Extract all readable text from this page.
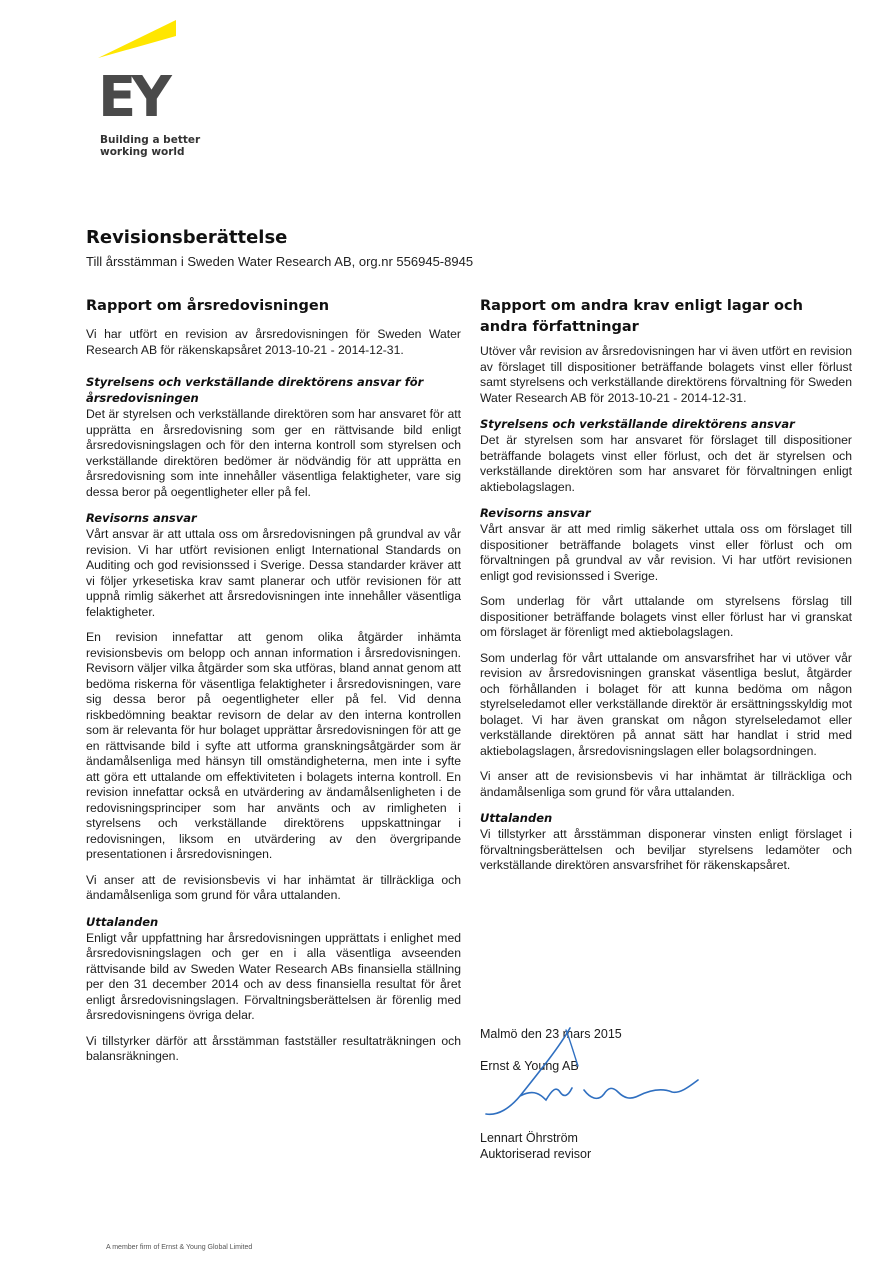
EY
Building a better
working world
Revisionsberättelse

Till årsstämman i Sweden Water Research AB, org.nr 556945-8945

Rapport om årsredovisningen

Vi har utfört en revision av årsredovisningen för Sweden Water Research AB för räkenskapsåret 2013-10-21 - 2014-12-31.

Styrelsens och verkställande direktörens ansvar för årsredovisningen

Det är styrelsen och verkställande direktören som har ansvaret för att upprätta en årsredovisning som ger en rättvisande bild enligt årsredovisningslagen och för den interna kontroll som styrelsen och verkställande direktören bedömer är nödvändig för att upprätta en årsredovisning som inte innehåller väsentliga felaktigheter, vare sig dessa beror på oegentligheter eller på fel.

Revisorns ansvar

Vårt ansvar är att uttala oss om årsredovisningen på grundval av vår revision. Vi har utfört revisionen enligt International Standards on Auditing och god revisionssed i Sverige. Dessa standarder kräver att vi följer yrkesetiska krav samt planerar och utför revisionen för att uppnå rimlig säkerhet att årsredovisningen inte innehåller väsentliga felaktigheter.

En revision innefattar att genom olika åtgärder inhämta revisionsbevis om belopp och annan information i årsredovisningen. Revisorn väljer vilka åtgärder som ska utföras, bland annat genom att bedöma riskerna för väsentliga felaktigheter i årsredovisningen, vare sig dessa beror på oegentligheter eller på fel. Vid denna riskbedömning beaktar revisorn de delar av den interna kontrollen som är relevanta för hur bolaget upprättar årsredovisningen för att ge en rättvisande bild i syfte att utforma granskningsåtgärder som är ändamålsenliga med hänsyn till omständigheterna, men inte i syfte att göra ett uttalande om effektiviteten i bolagets interna kontroll. En revision innefattar också en utvärdering av ändamålsenligheten i de redovisningsprinciper som har använts och av rimligheten i styrelsens och verkställande direktörens uppskattningar i redovisningen, liksom en utvärdering av den övergripande presentationen i årsredovisningen.

Vi anser att de revisionsbevis vi har inhämtat är tillräckliga och ändamålsenliga som grund för våra uttalanden.

Uttalanden

Enligt vår uppfattning har årsredovisningen upprättats i enlighet med årsredovisningslagen och ger en i alla väsentliga avseenden rättvisande bild av Sweden Water Research ABs finansiella ställning per den 31 december 2014 och av dess finansiella resultat för året enligt årsredovisningslagen. Förvaltningsberättelsen är förenlig med årsredovisningens övriga delar.

Vi tillstyrker därför att årsstämman fastställer resultaträkningen och balansräkningen.

Rapport om andra krav enligt lagar och andra författningar

Utöver vår revision av årsredovisningen har vi även utfört en revision av förslaget till dispositioner beträffande bolagets vinst eller förlust samt styrelsens och verkställande direktörens förvaltning för Sweden Water Research AB för 2013-10-21 - 2014-12-31.

Styrelsens och verkställande direktörens ansvar

Det är styrelsen som har ansvaret för förslaget till dispositioner beträffande bolagets vinst eller förlust, och det är styrelsen och verkställande direktören som har ansvaret för förvaltningen enligt aktiebolagslagen.

Revisorns ansvar

Vårt ansvar är att med rimlig säkerhet uttala oss om förslaget till dispositioner beträffande bolagets vinst eller förlust och om förvaltningen på grundval av vår revision. Vi har utfört revisionen enligt god revisionssed i Sverige.

Som underlag för vårt uttalande om styrelsens förslag till dispositioner beträffande bolagets vinst eller förlust har vi granskat om förslaget är förenligt med aktiebolagslagen.

Som underlag för vårt uttalande om ansvarsfrihet har vi utöver vår revision av årsredovisningen granskat väsentliga beslut, åtgärder och förhållanden i bolaget för att kunna bedöma om någon styrelseledamot eller verkställande direktör är ersättningsskyldig mot bolaget. Vi har även granskat om någon styrelseledamot eller verkställande direktören på annat sätt har handlat i strid med aktiebolagslagen, årsredovisningslagen eller bolagsordningen.

Vi anser att de revisionsbevis vi har inhämtat är tillräckliga och ändamålsenliga som grund för våra uttalanden.

Uttalanden

Vi tillstyrker att årsstämman disponerar vinsten enligt förslaget i förvaltningsberättelsen och beviljar styrelsens ledamöter och verkställande direktören ansvarsfrihet för räkenskapsåret.

Malmö den 23 mars 2015

Ernst & Young AB

Lennart Öhrström

Auktoriserad revisor

A member firm of Ernst & Young Global Limited
